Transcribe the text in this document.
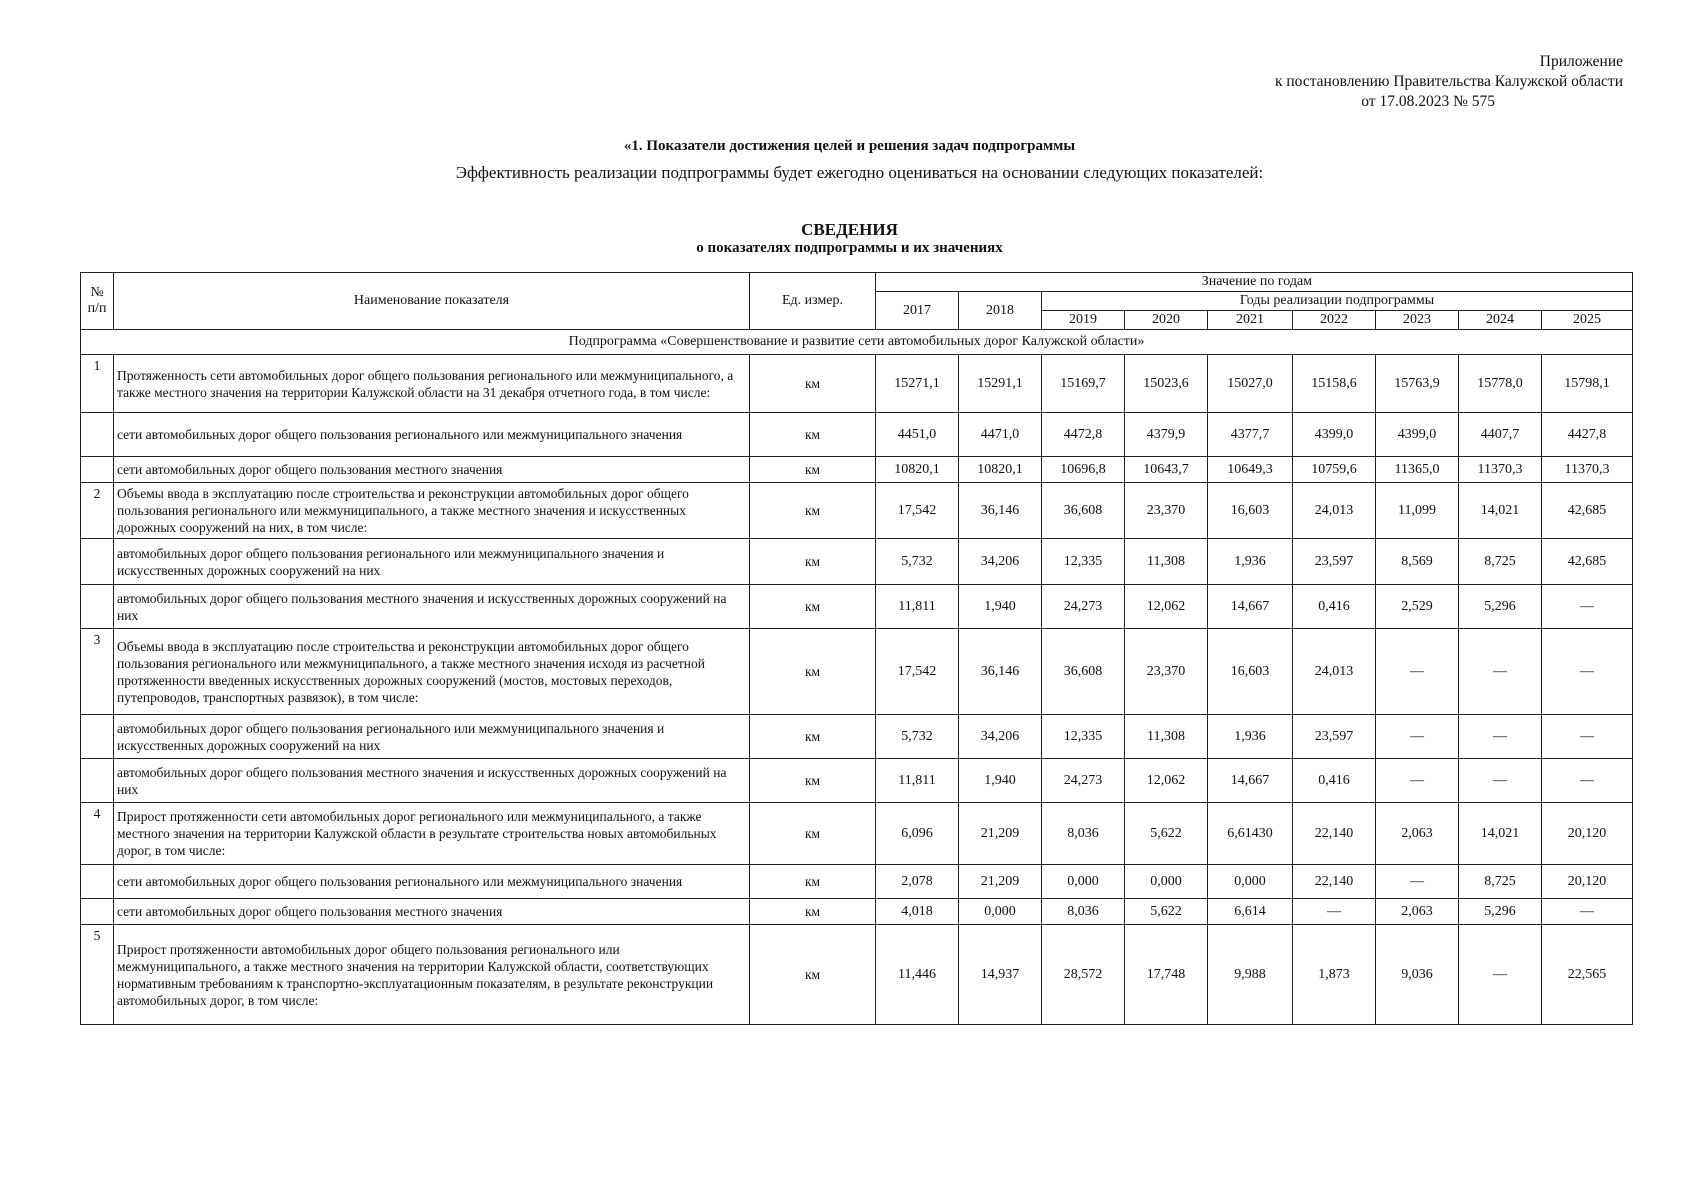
Приложение
к постановлению Правительства Калужской области
от 17.08.2023 № 575
«1. Показатели достижения целей и решения задач подпрограммы
Эффективность реализации подпрограммы будет ежегодно оцениваться на основании следующих показателей:
СВЕДЕНИЯ
о показателях подпрограммы и их значениях
№ п/п	Наименование показателя	Ед. измер.	Значение по годам								
			2017	2018	Годы реализации подпрограммы						
					2019	2020	2021	2022	2023	2024	2025
Подпрограмма «Совершенствование и развитие сети автомобильных дорог Калужской области»											
1	Протяженность сети автомобильных дорог общего пользования регионального или межмуниципального, а также местного значения на территории Калужской области на 31 декабря отчетного года, в том числе:	км	15271,1	15291,1	15169,7	15023,6	15027,0	15158,6	15763,9	15778,0	15798,1
	сети автомобильных дорог общего пользования регионального или межмуниципального значения	км	4451,0	4471,0	4472,8	4379,9	4377,7	4399,0	4399,0	4407,7	4427,8
	сети автомобильных дорог общего пользования местного значения	км	10820,1	10820,1	10696,8	10643,7	10649,3	10759,6	11365,0	11370,3	11370,3
2	Объемы ввода в эксплуатацию после строительства и реконструкции автомобильных дорог общего пользования регионального или межмуниципального, а также местного значения и искусственных дорожных сооружений на них, в том числе:	км	17,542	36,146	36,608	23,370	16,603	24,013	11,099	14,021	42,685
	автомобильных дорог общего пользования регионального или межмуниципального значения и искусственных дорожных сооружений на них	км	5,732	34,206	12,335	11,308	1,936	23,597	8,569	8,725	42,685
	автомобильных дорог общего пользования местного значения и искусственных дорожных сооружений на них	км	11,811	1,940	24,273	12,062	14,667	0,416	2,529	5,296	—
3	Объемы ввода в эксплуатацию после строительства и реконструкции автомобильных дорог общего пользования регионального или межмуниципального, а также местного значения исходя из расчетной протяженности введенных искусственных дорожных сооружений (мостов, мостовых переходов, путепроводов, транспортных развязок), в том числе:	км	17,542	36,146	36,608	23,370	16,603	24,013	—	—	—
	автомобильных дорог общего пользования регионального или межмуниципального значения и искусственных дорожных сооружений на них	км	5,732	34,206	12,335	11,308	1,936	23,597	—	—	—
	автомобильных дорог общего пользования местного значения и искусственных дорожных сооружений на них	км	11,811	1,940	24,273	12,062	14,667	0,416	—	—	—
4	Прирост протяженности сети автомобильных дорог регионального или межмуниципального, а также местного значения на территории Калужской области в результате строительства новых автомобильных дорог, в том числе:	км	6,096	21,209	8,036	5,622	6,61430	22,140	2,063	14,021	20,120
	сети автомобильных дорог общего пользования регионального или межмуниципального значения	км	2,078	21,209	0,000	0,000	0,000	22,140	—	8,725	20,120
	сети автомобильных дорог общего пользования местного значения	км	4,018	0,000	8,036	5,622	6,614	—	2,063	5,296	—
5	Прирост протяженности автомобильных дорог общего пользования регионального или межмуниципального, а также местного значения на территории Калужской области, соответствующих нормативным требованиям к транспортно-эксплуатационным показателям, в результате реконструкции автомобильных дорог, в том числе:	км	11,446	14,937	28,572	17,748	9,988	1,873	9,036	—	22,565
